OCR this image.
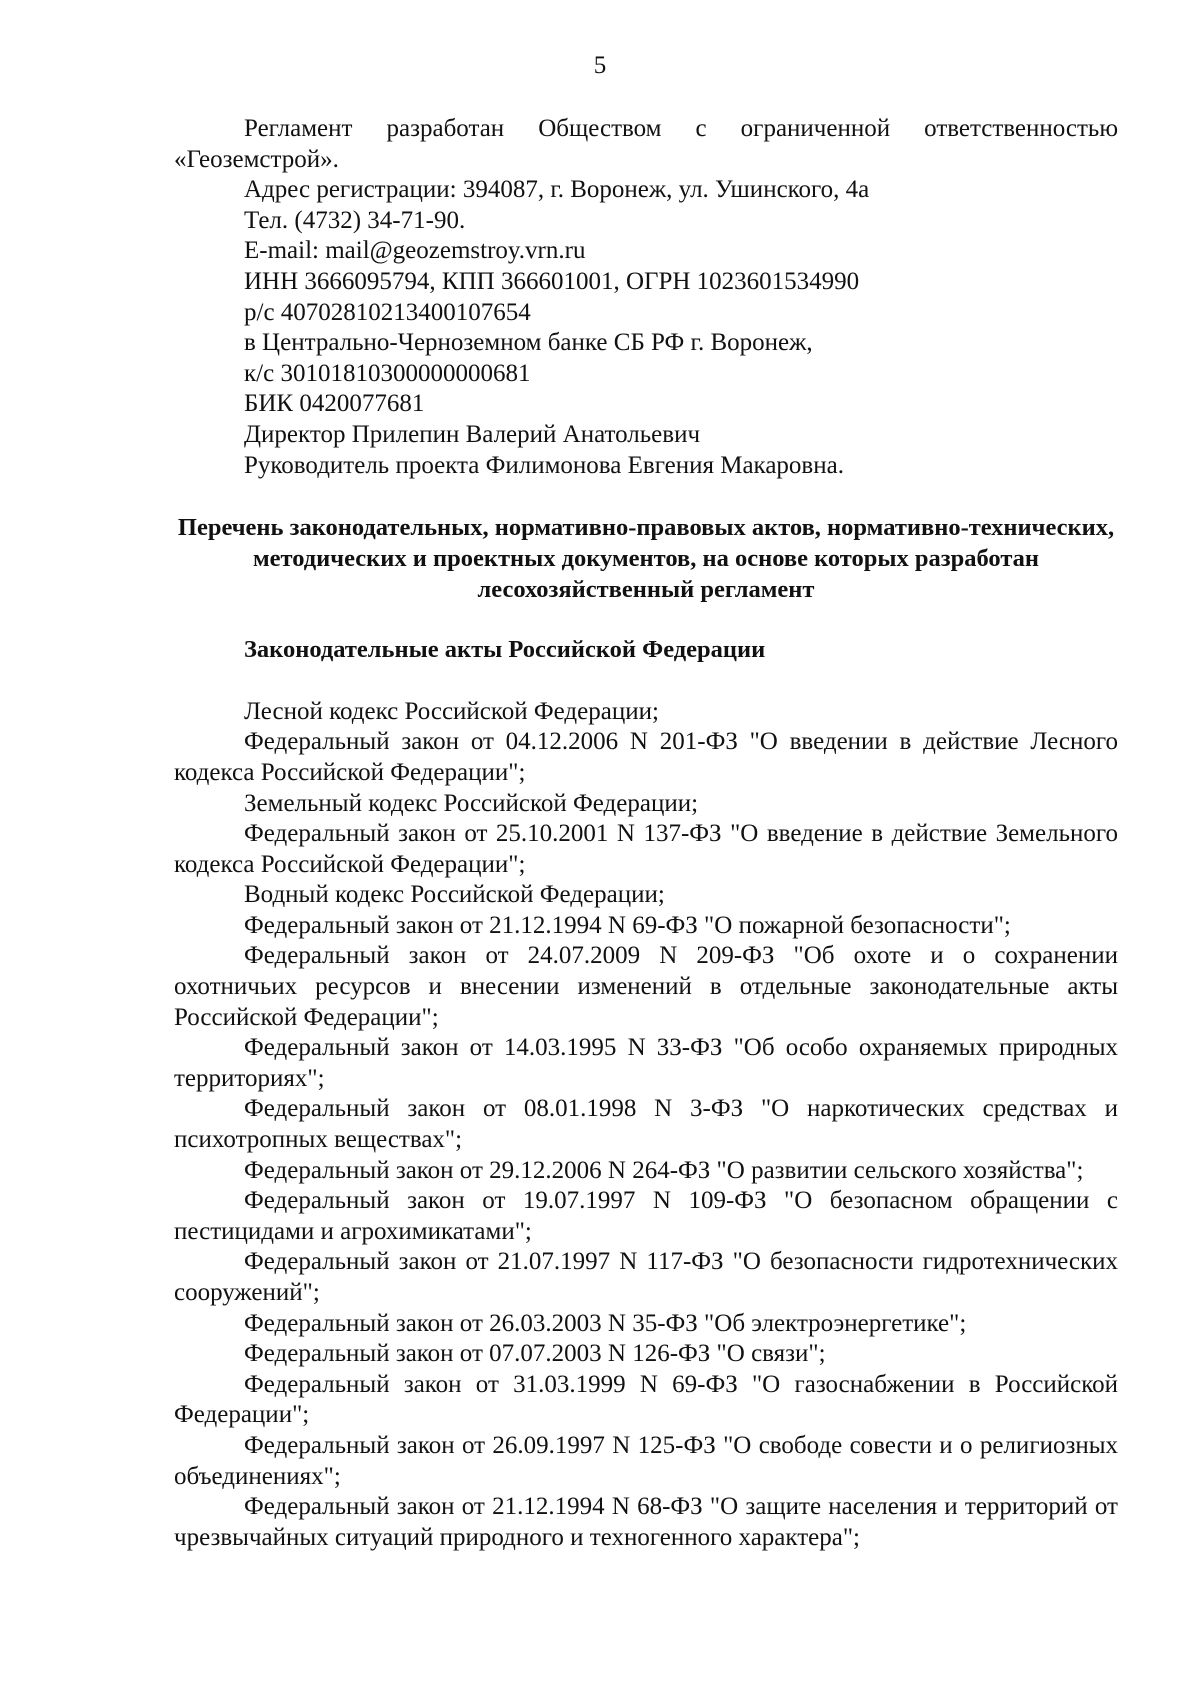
5

Регламент разработан Обществом с ограниченной ответственностью «Геоземстрой».

Адрес регистрации: 394087, г. Воронеж, ул. Ушинского, 4а

Тел. (4732) 34-71-90.

E-mail: mail@geozemstroy.vrn.ru

ИНН 3666095794, КПП 366601001, ОГРН 1023601534990

р/с 40702810213400107654

в Центрально-Черноземном банке СБ РФ г. Воронеж,

к/с 30101810300000000681

БИК 0420077681

Директор Прилепин Валерий Анатольевич

Руководитель проекта Филимонова Евгения Макаровна.

Перечень законодательных, нормативно-правовых актов, нормативно-технических, методических и проектных документов, на основе которых разработан лесохозяйственный регламент
Законодательные акты Российской Федерации

Лесной кодекс Российской Федерации;

Федеральный закон от 04.12.2006 N 201-ФЗ "О введении в действие Лесного кодекса Российской Федерации";

Земельный кодекс Российской Федерации;

Федеральный закон от 25.10.2001 N 137-ФЗ "О введение в действие Земельного кодекса Российской Федерации";

Водный кодекс Российской Федерации;

Федеральный закон от 21.12.1994 N 69-ФЗ "О пожарной безопасности";

Федеральный закон от 24.07.2009 N 209-ФЗ "Об охоте и о сохранении охотничьих ресурсов и внесении изменений в отдельные законодательные акты Российской Федерации";

Федеральный закон от 14.03.1995 N 33-ФЗ "Об особо охраняемых природных территориях";

Федеральный закон от 08.01.1998 N 3-ФЗ "О наркотических средствах и психотропных веществах";

Федеральный закон от 29.12.2006 N 264-ФЗ "О развитии сельского хозяйства";

Федеральный закон от 19.07.1997 N 109-ФЗ "О безопасном обращении с пестицидами и агрохимикатами";

Федеральный закон от 21.07.1997 N 117-ФЗ "О безопасности гидротехнических сооружений";

Федеральный закон от 26.03.2003 N 35-ФЗ "Об электроэнергетике";

Федеральный закон от 07.07.2003 N 126-ФЗ "О связи";

Федеральный закон от 31.03.1999 N 69-ФЗ "О газоснабжении в Российской Федерации";

Федеральный закон от 26.09.1997 N 125-ФЗ "О свободе совести и о религиозных объединениях";

Федеральный закон от 21.12.1994 N 68-ФЗ "О защите населения и территорий от чрезвычайных ситуаций природного и техногенного характера";
